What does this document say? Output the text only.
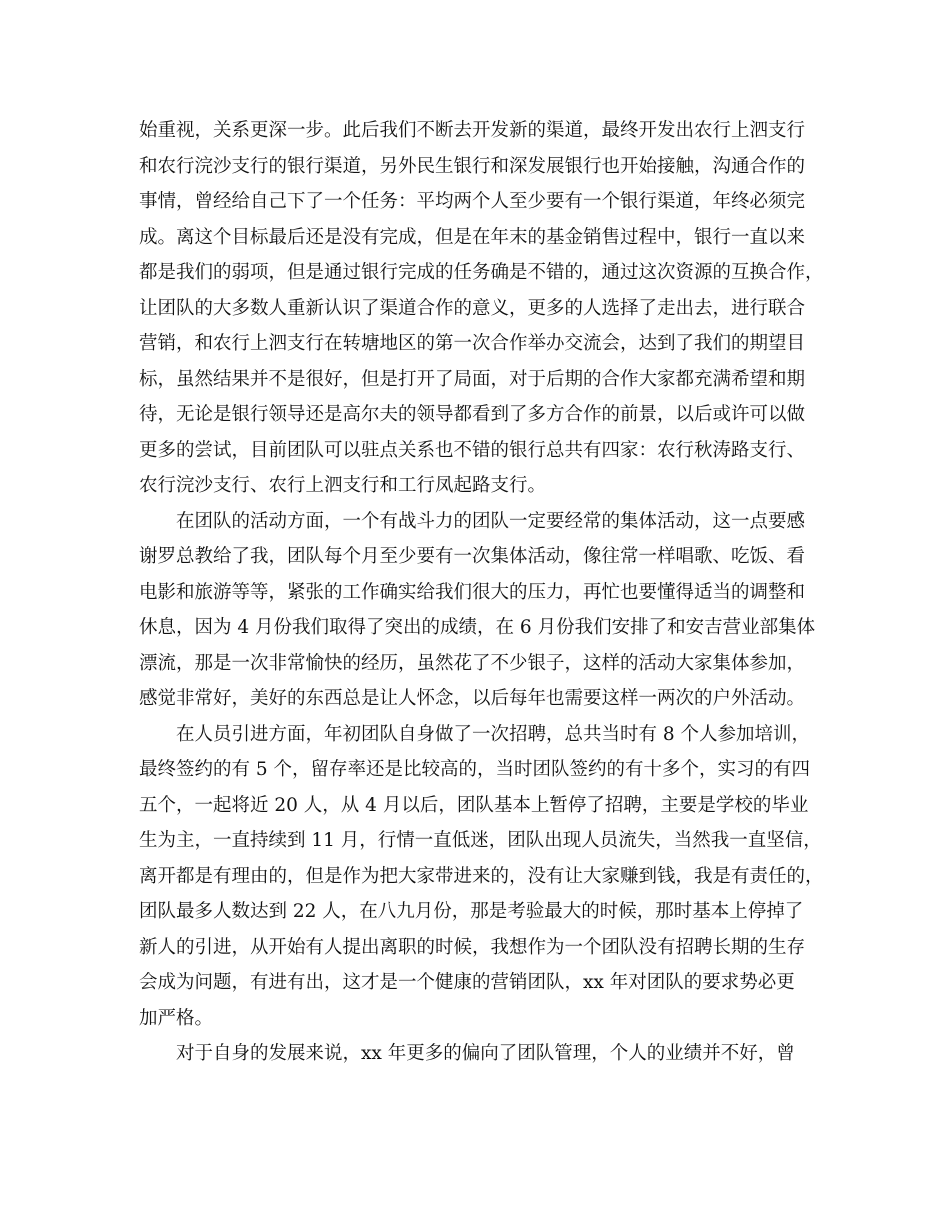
始重视，关系更深一步。此后我们不断去开发新的渠道，最终开发出农行上泗支行
和农行浣沙支行的银行渠道，另外民生银行和深发展银行也开始接触，沟通合作的
事情，曾经给自己下了一个任务：平均两个人至少要有一个银行渠道，年终必须完
成。离这个目标最后还是没有完成，但是在年末的基金销售过程中，银行一直以来
都是我们的弱项，但是通过银行完成的任务确是不错的，通过这次资源的互换合作，
让团队的大多数人重新认识了渠道合作的意义，更多的人选择了走出去，进行联合
营销，和农行上泗支行在转塘地区的第一次合作举办交流会，达到了我们的期望目
标，虽然结果并不是很好，但是打开了局面，对于后期的合作大家都充满希望和期
待，无论是银行领导还是高尔夫的领导都看到了多方合作的前景，以后或许可以做
更多的尝试，目前团队可以驻点关系也不错的银行总共有四家：农行秋涛路支行、
农行浣沙支行、农行上泗支行和工行凤起路支行。
在团队的活动方面，一个有战斗力的团队一定要经常的集体活动，这一点要感
谢罗总教给了我，团队每个月至少要有一次集体活动，像往常一样唱歌、吃饭、看
电影和旅游等等，紧张的工作确实给我们很大的压力，再忙也要懂得适当的调整和
休息，因为 4 月份我们取得了突出的成绩，在 6 月份我们安排了和安吉营业部集体
漂流，那是一次非常愉快的经历，虽然花了不少银子，这样的活动大家集体参加，
感觉非常好，美好的东西总是让人怀念，以后每年也需要这样一两次的户外活动。
在人员引进方面，年初团队自身做了一次招聘，总共当时有 8 个人参加培训，
最终签约的有 5 个，留存率还是比较高的，当时团队签约的有十多个，实习的有四
五个，一起将近 20 人，从 4 月以后，团队基本上暂停了招聘，主要是学校的毕业
生为主，一直持续到 11 月，行情一直低迷，团队出现人员流失，当然我一直坚信，
离开都是有理由的，但是作为把大家带进来的，没有让大家赚到钱，我是有责任的，
团队最多人数达到 22 人，在八九月份，那是考验最大的时候，那时基本上停掉了
新人的引进，从开始有人提出离职的时候，我想作为一个团队没有招聘长期的生存
会成为问题，有进有出，这才是一个健康的营销团队，xx 年对团队的要求势必更
加严格。
对于自身的发展来说，xx 年更多的偏向了团队管理，个人的业绩并不好，曾
